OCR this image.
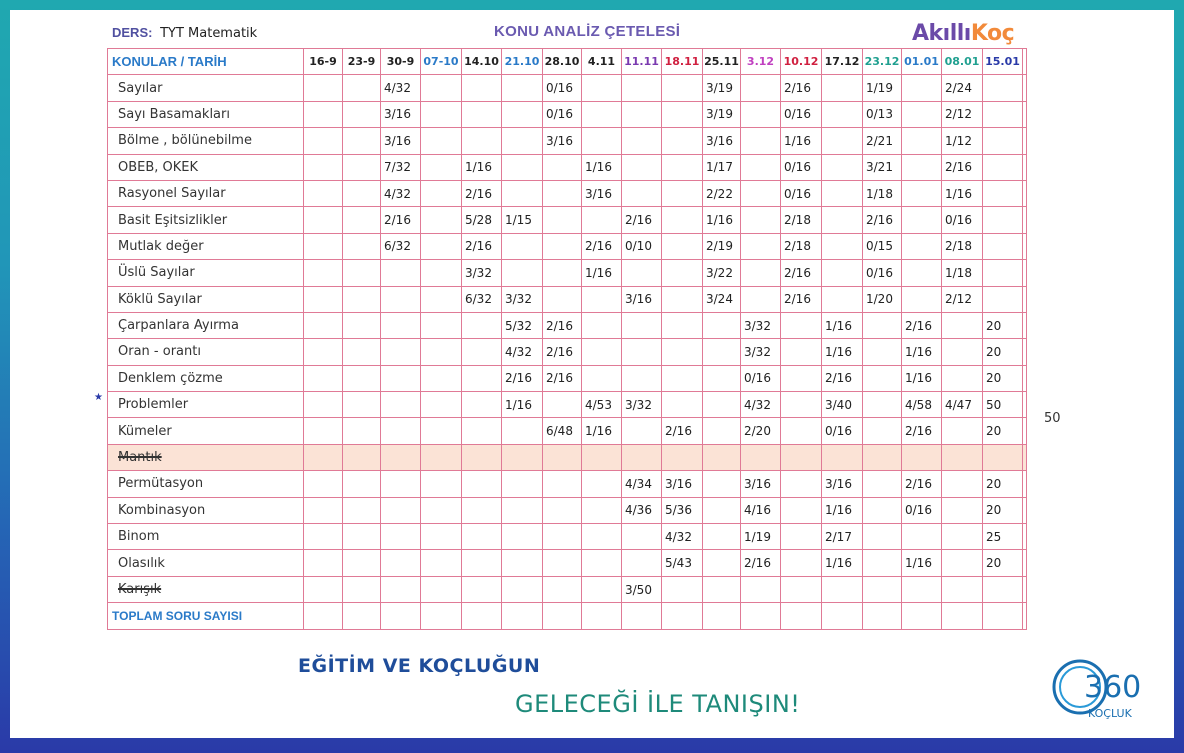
DERS: TYT Matematik	KONU ANALİZ ÇETELESİ	AkıllıKoç
KONULAR / TARİH	16-9	23-9	30-9	07-10	14.10	21.10	28.10	4.11	11.11	18.11	25.11	3.12	10.12	17.12	23.12	01.01	08.01	15.01	
Sayılar			4/32				0/16				3/19		2/16		1/19		2/24		
Sayı Basamakları			3/16				0/16				3/19		0/16		0/13		2/12		
Bölme , bölünebilme			3/16				3/16				3/16		1/16		2/21		1/12		
OBEB, OKEK			7/32		1/16			1/16			1/17		0/16		3/21		2/16		
Rasyonel Sayılar			4/32		2/16			3/16			2/22		0/16		1/18		1/16		
Basit Eşitsizlikler			2/16		5/28	1/15			2/16		1/16		2/18		2/16		0/16		
Mutlak değer			6/32		2/16			2/16	0/10		2/19		2/18		0/15		2/18		
Üslü Sayılar					3/32			1/16			3/22		2/16		0/16		1/18		
Köklü Sayılar					6/32	3/32			3/16		3/24		2/16		1/20		2/12		
Çarpanlara Ayırma						5/32	2/16					3/32		1/16		2/16		20	
Oran - orantı						4/32	2/16					3/32		1/16		1/16		20	
Denklem çözme						2/16	2/16					0/16		2/16		1/16		20	
Problemler						1/16		4/53	3/32			4/32		3/40		4/58	4/47	50	
Kümeler							6/48	1/16		2/16		2/20		0/16		2/16		20	
Mantık																			
Permütasyon									4/34	3/16		3/16		3/16		2/16		20	
Kombinasyon									4/36	5/36		4/16		1/16		0/16		20	
Binom										4/32		1/19		2/17				25	
Olasılık										5/43		2/16		1/16		1/16		20	
Karışık									3/50										
TOPLAM SORU SAYISI																			
★
50
EĞİTİM VE KOÇLUĞUN
GELECEĞİ İLE TANIŞIN!	360
KOÇLUK
